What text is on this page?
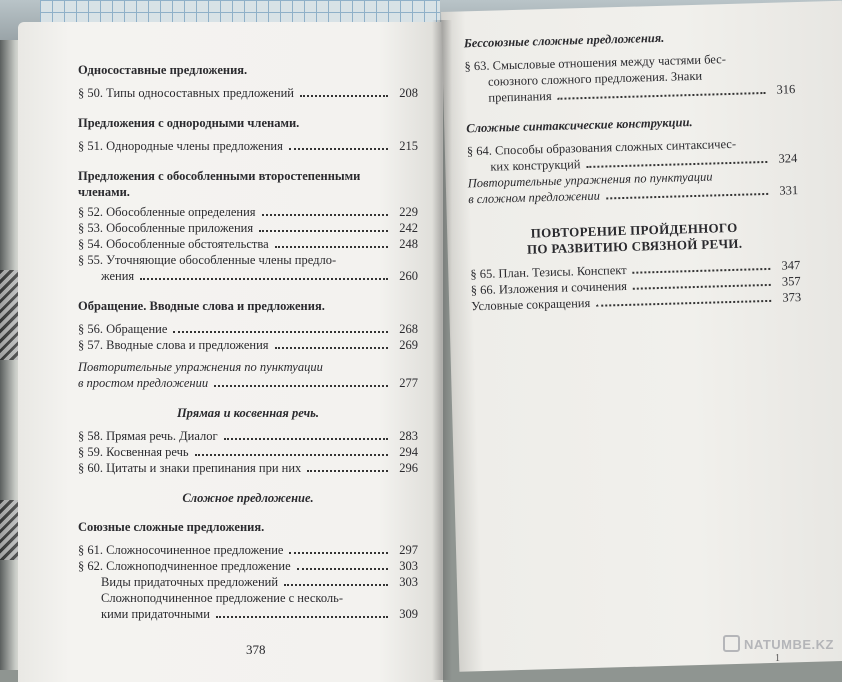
Односоставные предложения.
§ 50. Типы односоставных предложений	208
Предложения с однородными членами.
§ 51. Однородные члены предложения	215
Предложения с обособленными второстепенными
членами.
§ 52. Обособленные определения	229
§ 53. Обособленные приложения	242
§ 54. Обособленные обстоятельства	248
§ 55. Уточняющие обособленные члены предло-
жения	260
Обращение. Вводные слова и предложения.
§ 56. Обращение	268
§ 57. Вводные слова и предложения	269
Повторительные упражнения по пунктуации
в простом предложении	277
Прямая и косвенная речь.
§ 58. Прямая речь. Диалог	283
§ 59. Косвенная речь	294
§ 60. Цитаты и знаки препинания при них	296
Сложное предложение.
Союзные сложные предложения.
§ 61. Сложносочиненное предложение	297
§ 62. Сложноподчиненное предложение	303
Виды придаточных предложений	303
Сложноподчиненное предложение с несколь-
кими придаточными	309
378
Бессоюзные сложные предложения.
§ 63. Смысловые отношения между частями бес-
союзного сложного предложения. Знаки
препинания	316
Сложные синтаксические конструкции.
§ 64. Способы образования сложных синтаксичес-
ких конструкций	324
Повторительные упражнения по пунктуации
в сложном предложении	331
ПОВТОРЕНИЕ ПРОЙДЕННОГО
ПО РАЗВИТИЮ СВЯЗНОЙ РЕЧИ.
§ 65. План. Тезисы. Конспект	347
§ 66. Изложения и сочинения	357
Условные сокращения	373
NATUMBE.KZ
1
